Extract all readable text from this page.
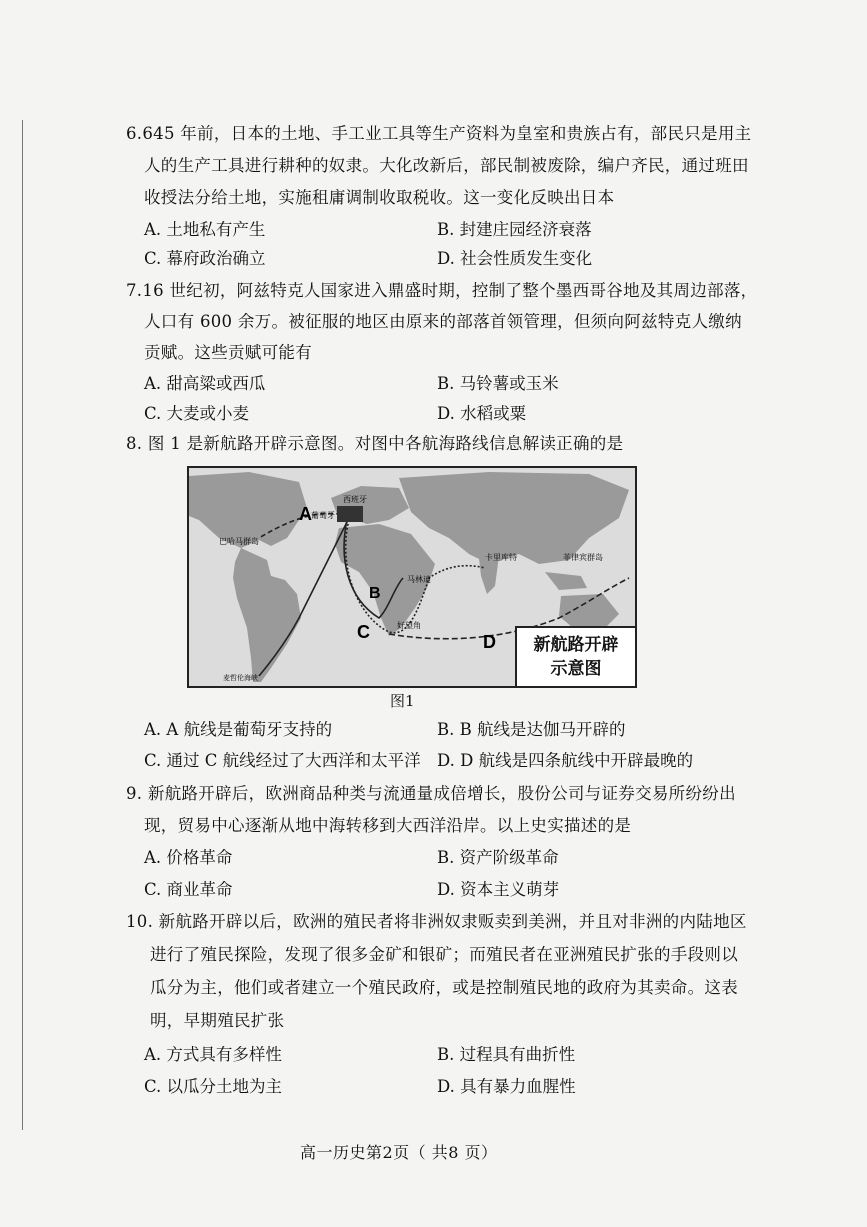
6.645 年前，日本的土地、手工业工具等生产资料为皇室和贵族占有，部民只是用主
人的生产工具进行耕种的奴隶。大化改新后，部民制被废除，编户齐民，通过班田
收授法分给土地，实施租庸调制收取税收。这一变化反映出日本
A. 土地私有产生	B. 封建庄园经济衰落
C. 幕府政治确立	D. 社会性质发生变化
7.16 世纪初，阿兹特克人国家进入鼎盛时期，控制了整个墨西哥谷地及其周边部落，
人口有 600 余万。被征服的地区由原来的部落首领管理，但须向阿兹特克人缴纳
贡赋。这些贡赋可能有
A. 甜高粱或西瓜	B. 马铃薯或玉米
C. 大麦或小麦	D. 水稻或粟
8. 图 1 是新航路开辟示意图。对图中各航海路线信息解读正确的是
A
B
C	D
西班牙
葡萄牙
巴哈马群岛
卡里库特
马林迪
菲律宾群岛
好望角
麦哲伦海峡
新航路开辟
示意图
图1
A. A 航线是葡萄牙支持的	B. B 航线是达伽马开辟的
C. 通过 C 航线经过了大西洋和太平洋 D. D 航线是四条航线中开辟最晚的
9. 新航路开辟后，欧洲商品种类与流通量成倍增长，股份公司与证券交易所纷纷出
现，贸易中心逐渐从地中海转移到大西洋沿岸。以上史实描述的是
A. 价格革命	B. 资产阶级革命
C. 商业革命	D. 资本主义萌芽
10. 新航路开辟以后，欧洲的殖民者将非洲奴隶贩卖到美洲，并且对非洲的内陆地区
进行了殖民探险，发现了很多金矿和银矿；而殖民者在亚洲殖民扩张的手段则以
瓜分为主，他们或者建立一个殖民政府，或是控制殖民地的政府为其卖命。这表
明，早期殖民扩张
A. 方式具有多样性	B. 过程具有曲折性
C. 以瓜分土地为主	D. 具有暴力血腥性
高一历史第2页（ 共8 页）
